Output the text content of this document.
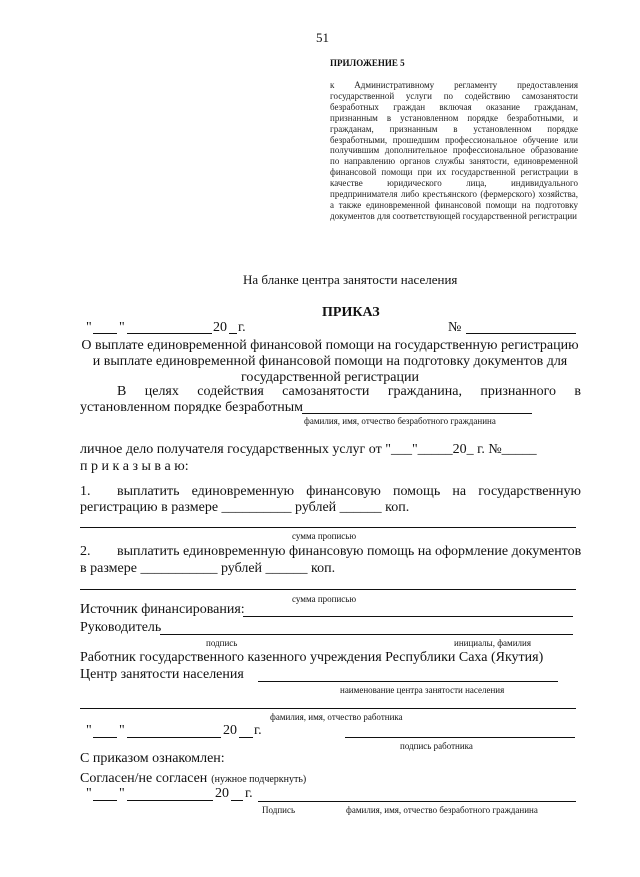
51
ПРИЛОЖЕНИЕ 5
к Административному регламенту предоставления государственной услуги по содействию самозанятости безработных граждан включая оказание гражданам, признанным в установленном порядке безработными, и гражданам, признанным в установленном порядке безработными, прошедшим профессиональное обучение или получившим дополнительное профессиональное образование по направлению органов службы занятости, единовременной финансовой помощи при их государственной регистрации в качестве юридического лица, индивидуального предпринимателя либо крестьянского (фермерского) хозяйства, а также единовременной финансовой помощи на подготовку документов для соответствующей государственной регистрации
На бланке центра занятости населения
ПРИКАЗ
" "	20 г.	№
О выплате единовременной финансовой помощи на государственную регистрацию
и выплате единовременной финансовой помощи на подготовку документов для
государственной регистрации
В целях содействия самозанятости гражданина, признанного в
установленном порядке безработным
фамилия, имя, отчество безработного гражданина
личное дело получателя государственных услуг от "___"_____20_ г. №_____
п р и к а з ы в а ю:
1. выплатить единовременную финансовую помощь на государственную
регистрацию в размере __________ рублей ______ коп.
сумма прописью
2. выплатить единовременную финансовую помощь на оформление документов
в размере ___________ рублей ______ коп.
сумма прописью
Источник финансирования:
Руководитель
подпись	инициалы, фамилия
Работник государственного казенного учреждения Республики Саха (Якутия)
Центр занятости населения
наименование центра занятости населения
фамилия, имя, отчество работника
" "	20 г.
подпись работника
С приказом ознакомлен:
Согласен/не согласен (нужное подчеркнуть)
" "	20 г.
Подпись	фамилия, имя, отчество безработного гражданина
